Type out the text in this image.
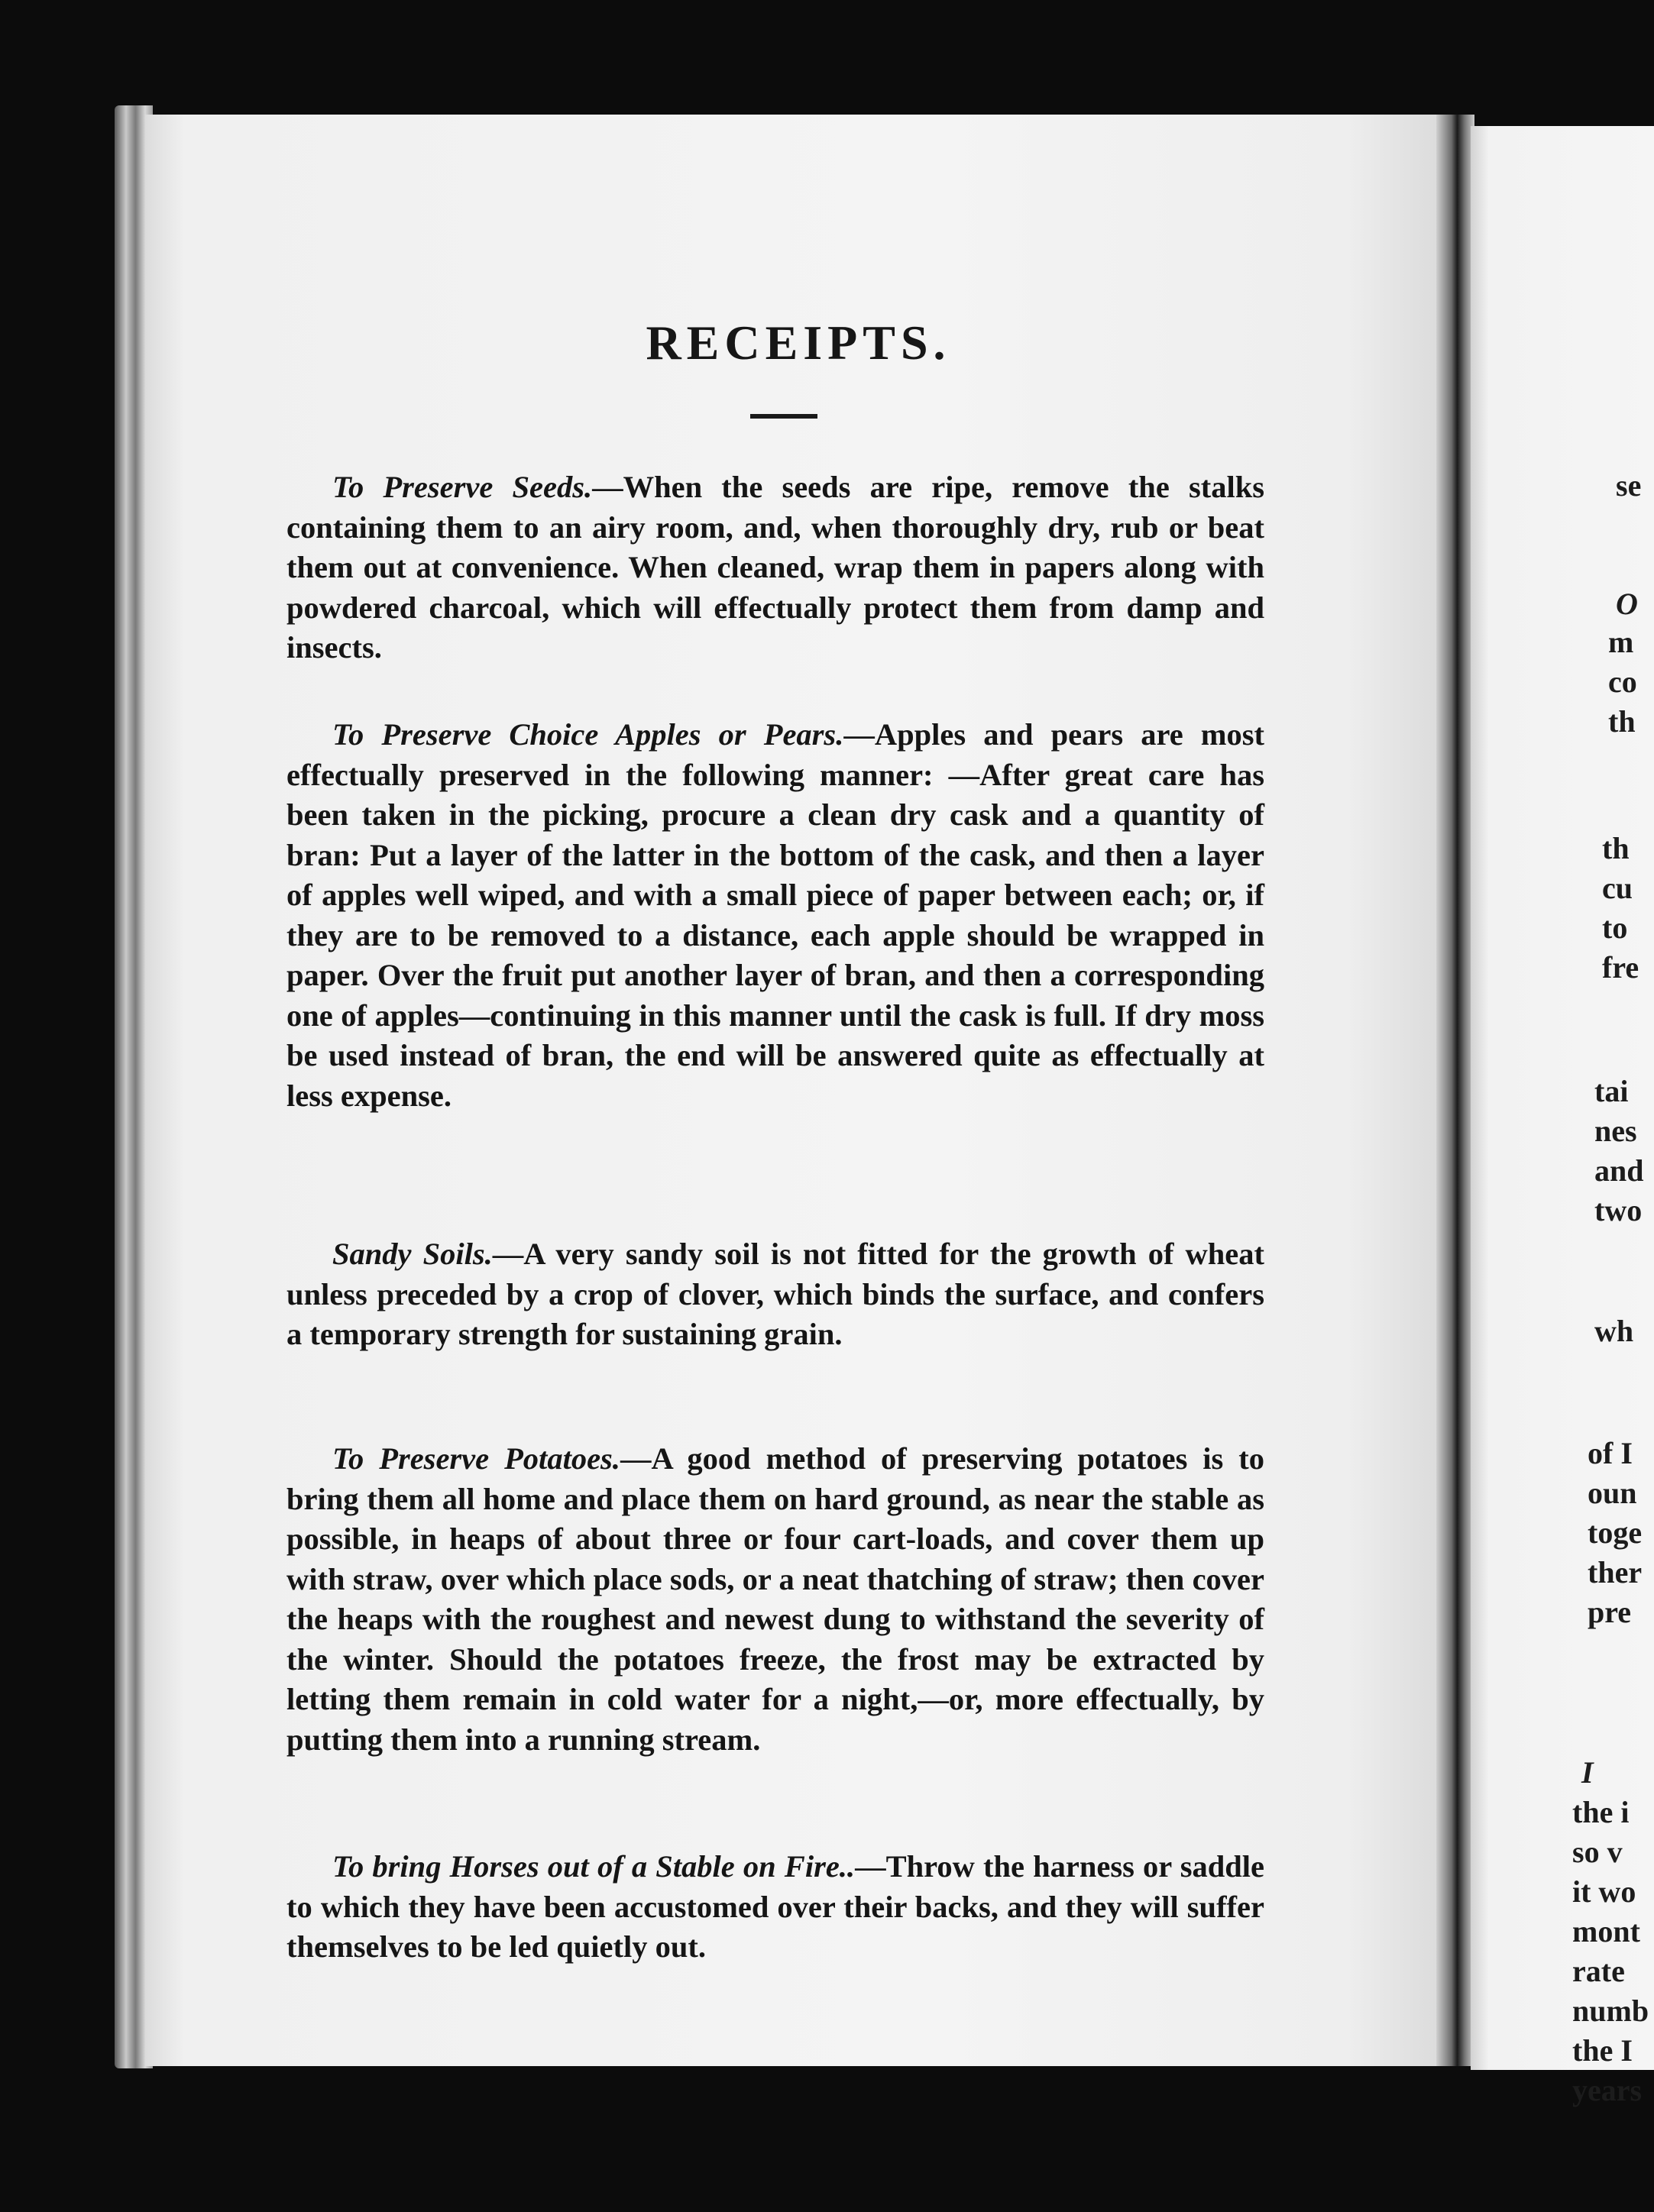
RECEIPTS.

To Preserve Seeds.—When the seeds are ripe, remove the stalks containing them to an airy room, and, when thoroughly dry, rub or beat them out at convenience. When cleaned, wrap them in papers along with powdered charcoal, which will effectually protect them from damp and insects.

To Preserve Choice Apples or Pears.—Apples and pears are most effectually preserved in the following manner: —After great care has been taken in the picking, procure a clean dry cask and a quantity of bran: Put a layer of the latter in the bottom of the cask, and then a layer of apples well wiped, and with a small piece of paper between each; or, if they are to be removed to a distance, each apple should be wrapped in paper. Over the fruit put another layer of bran, and then a corresponding one of apples—continuing in this manner until the cask is full. If dry moss be used instead of bran, the end will be answered quite as effectually at less expense.

Sandy Soils.—A very sandy soil is not fitted for the growth of wheat unless preceded by a crop of clover, which binds the surface, and confers a temporary strength for sustaining grain.

To Preserve Potatoes.—A good method of preserving potatoes is to bring them all home and place them on hard ground, as near the stable as possible, in heaps of about three or four cart-loads, and cover them up with straw, over which place sods, or a neat thatching of straw; then cover the heaps with the roughest and newest dung to withstand the severity of the winter. Should the potatoes freeze, the frost may be extracted by letting them remain in cold water for a night,—or, more effectually, by putting them into a running stream.

To bring Horses out of a Stable on Fire..—Throw the harness or saddle to which they have been accustomed over their backs, and they will suffer themselves to be led quietly out.

se
O
m
co
th
th
cu
to
fre
tai
nes
and
two
wh
of I
oun
toge
ther
pre
I
the i
so v
it wo
mont
rate
numb
the I
years
